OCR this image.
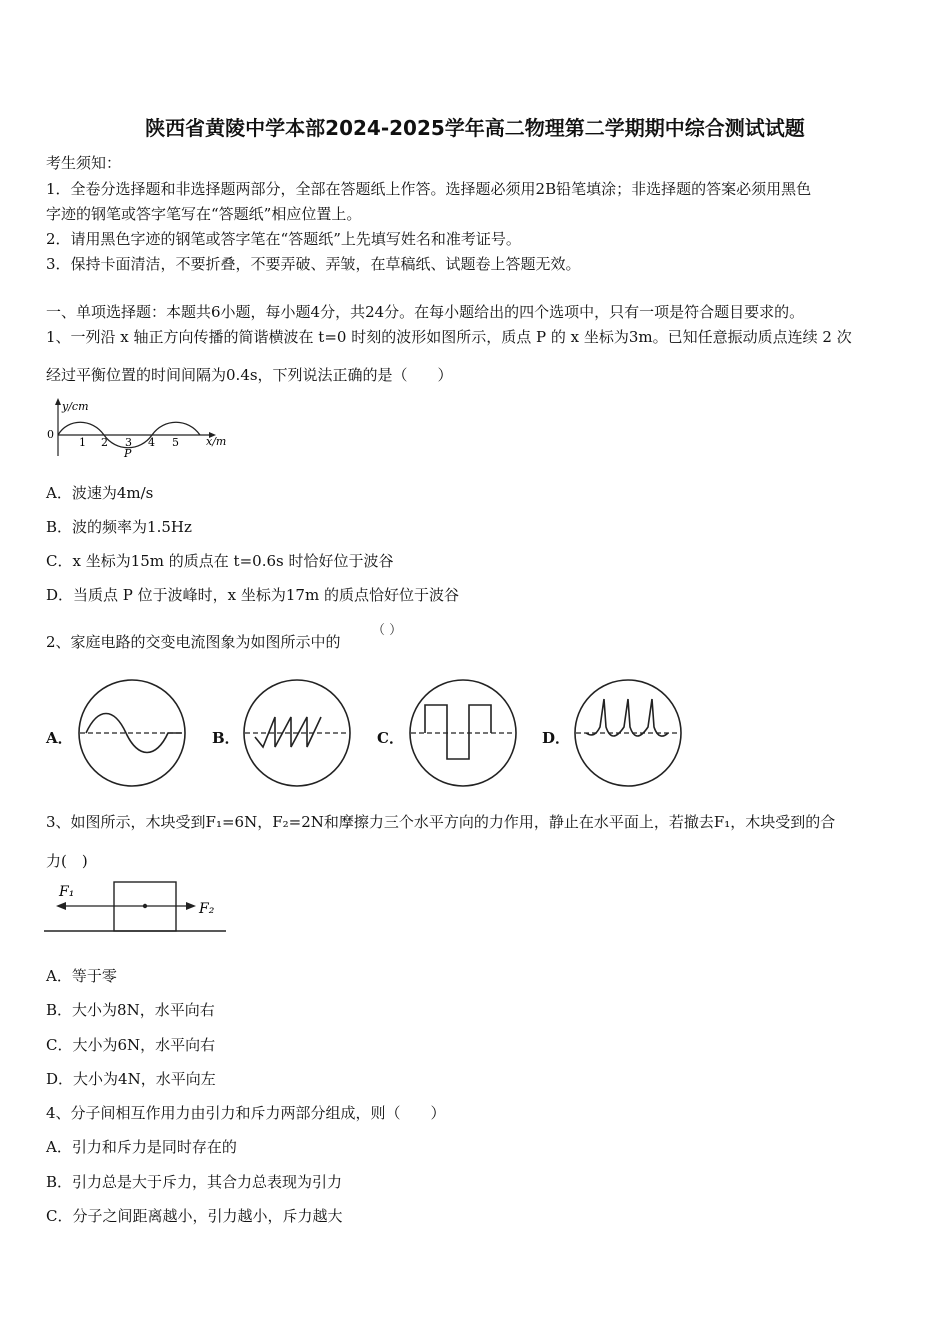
陕西省黄陵中学本部2024-2025学年高二物理第二学期期中综合测试试题
考生须知：
1．全卷分选择题和非选择题两部分，全部在答题纸上作答。选择题必须用2B铅笔填涂；非选择题的答案必须用黑色
字迹的钢笔或答字笔写在“答题纸”相应位置上。
2．请用黑色字迹的钢笔或答字笔在“答题纸”上先填写姓名和准考证号。
3．保持卡面清洁，不要折叠，不要弄破、弄皱，在草稿纸、试题卷上答题无效。
一、单项选择题：本题共6小题，每小题4分，共24分。在每小题给出的四个选项中，只有一项是符合题目要求的。
1、一列沿 x 轴正方向传播的简谐横波在 t=0 时刻的波形如图所示，质点 P 的 x 坐标为3m。已知任意振动质点连续 2 次
经过平衡位置的时间间隔为0.4s，下列说法正确的是（　　）
y/cm
0
1 2 3 4 5
P
x/m
A．波速为4m/s
B．波的频率为1.5Hz
C．x 坐标为15m 的质点在 t=0.6s 时恰好位于波谷
D．当质点 P 位于波峰时，x 坐标为17m 的质点恰好位于波谷
2、家庭电路的交变电流图象为如图所示中的
（ ）
A．	B．	C．	D．
3、如图所示，木块受到F₁=6N，F₂=2N和摩擦力三个水平方向的力作用，静止在水平面上，若撤去F₁，木块受到的合
力(　)
F₁
F₂
A．等于零
B．大小为8N，水平向右
C．大小为6N，水平向右
D．大小为4N，水平向左
4、分子间相互作用力由引力和斥力两部分组成，则（　　）
A．引力和斥力是同时存在的
B．引力总是大于斥力，其合力总表现为引力
C．分子之间距离越小，引力越小，斥力越大
